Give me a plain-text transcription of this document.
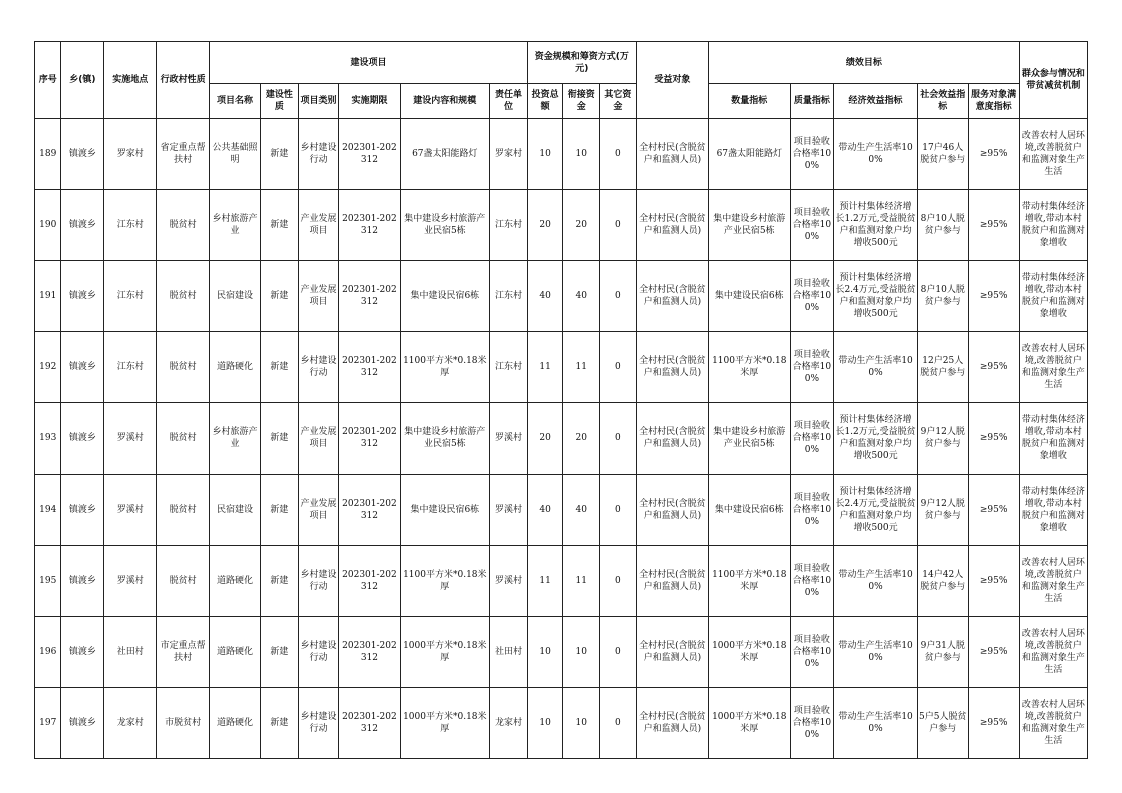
序号	乡(镇)	实施地点	行政村性质	建设项目						资金规模和筹资方式(万元)			受益对象	绩效目标					群众参与情况和带贫减贫机制
				项目名称	建设性质	项目类别	实施期限	建设内容和规模	责任单位	投资总额	衔接资金	其它资金		数量指标	质量指标	经济效益指标	社会效益指标	服务对象满意度指标	
189	镇渡乡	罗家村	省定重点帮扶村	公共基础照明	新建	乡村建设行动	202301-202312	67盏太阳能路灯	罗家村	10	10	0	全村村民(含脱贫户和监测人员)	67盏太阳能路灯	项目验收合格率100%	带动生产生活率100%	17户46人脱贫户参与	≥95%	改善农村人居环境,改善脱贫户和监测对象生产生活
190	镇渡乡	江东村	脱贫村	乡村旅游产业	新建	产业发展项目	202301-202312	集中建设乡村旅游产业民宿5栋	江东村	20	20	0	全村村民(含脱贫户和监测人员)	集中建设乡村旅游产业民宿5栋	项目验收合格率100%	预计村集体经济增长1.2万元,受益脱贫户和监测对象户均增收500元	8户10人脱贫户参与	≥95%	带动村集体经济增收,带动本村脱贫户和监测对象增收
191	镇渡乡	江东村	脱贫村	民宿建设	新建	产业发展项目	202301-202312	集中建设民宿6栋	江东村	40	40	0	全村村民(含脱贫户和监测人员)	集中建设民宿6栋	项目验收合格率100%	预计村集体经济增长2.4万元,受益脱贫户和监测对象户均增收500元	8户10人脱贫户参与	≥95%	带动村集体经济增收,带动本村脱贫户和监测对象增收
192	镇渡乡	江东村	脱贫村	道路硬化	新建	乡村建设行动	202301-202312	1100平方米*0.18米厚	江东村	11	11	0	全村村民(含脱贫户和监测人员)	1100平方米*0.18米厚	项目验收合格率100%	带动生产生活率100%	12户25人脱贫户参与	≥95%	改善农村人居环境,改善脱贫户和监测对象生产生活
193	镇渡乡	罗溪村	脱贫村	乡村旅游产业	新建	产业发展项目	202301-202312	集中建设乡村旅游产业民宿5栋	罗溪村	20	20	0	全村村民(含脱贫户和监测人员)	集中建设乡村旅游产业民宿5栋	项目验收合格率100%	预计村集体经济增长1.2万元,受益脱贫户和监测对象户均增收500元	9户12人脱贫户参与	≥95%	带动村集体经济增收,带动本村脱贫户和监测对象增收
194	镇渡乡	罗溪村	脱贫村	民宿建设	新建	产业发展项目	202301-202312	集中建设民宿6栋	罗溪村	40	40	0	全村村民(含脱贫户和监测人员)	集中建设民宿6栋	项目验收合格率100%	预计村集体经济增长2.4万元,受益脱贫户和监测对象户均增收500元	9户12人脱贫户参与	≥95%	带动村集体经济增收,带动本村脱贫户和监测对象增收
195	镇渡乡	罗溪村	脱贫村	道路硬化	新建	乡村建设行动	202301-202312	1100平方米*0.18米厚	罗溪村	11	11	0	全村村民(含脱贫户和监测人员)	1100平方米*0.18米厚	项目验收合格率100%	带动生产生活率100%	14户42人脱贫户参与	≥95%	改善农村人居环境,改善脱贫户和监测对象生产生活
196	镇渡乡	社田村	市定重点帮扶村	道路硬化	新建	乡村建设行动	202301-202312	1000平方米*0.18米厚	社田村	10	10	0	全村村民(含脱贫户和监测人员)	1000平方米*0.18米厚	项目验收合格率100%	带动生产生活率100%	9户31人脱贫户参与	≥95%	改善农村人居环境,改善脱贫户和监测对象生产生活
197	镇渡乡	龙家村	市脱贫村	道路硬化	新建	乡村建设行动	202301-202312	1000平方米*0.18米厚	龙家村	10	10	0	全村村民(含脱贫户和监测人员)	1000平方米*0.18米厚	项目验收合格率100%	带动生产生活率100%	5户5人脱贫户参与	≥95%	改善农村人居环境,改善脱贫户和监测对象生产生活
